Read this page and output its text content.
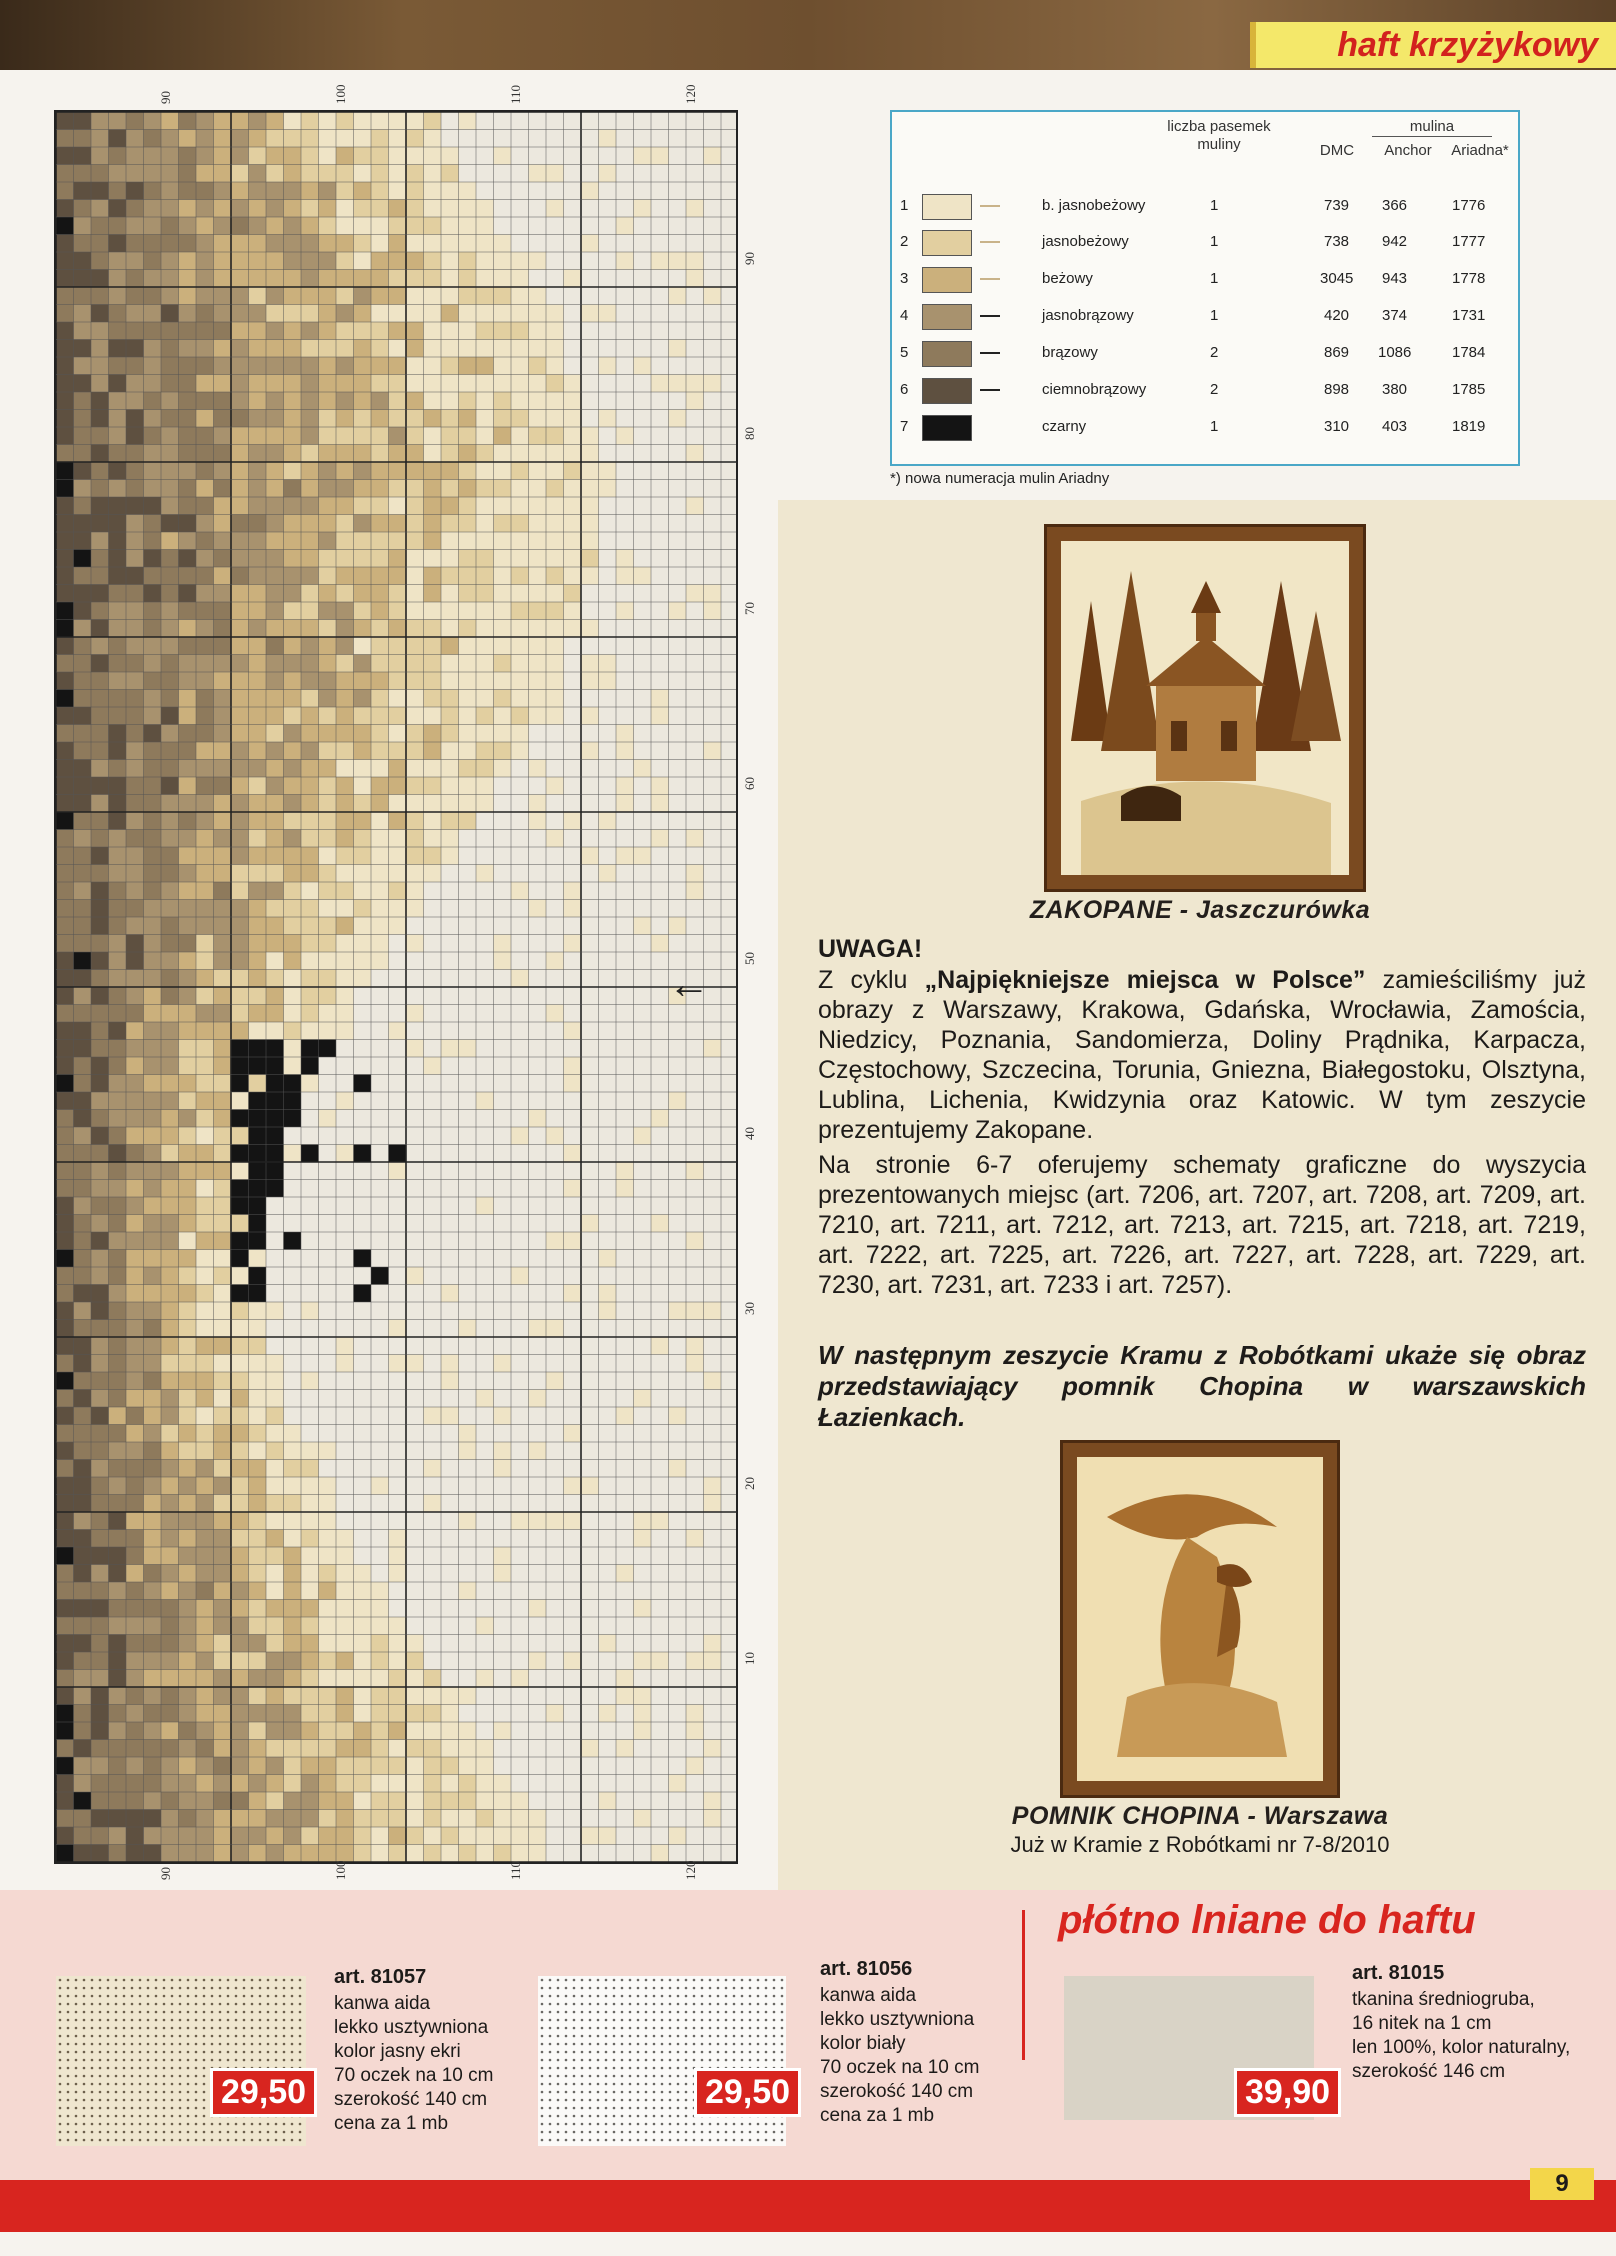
haft krzyżykowy
90	100	110	120
90	100	110	120
90
80
70
60
50
40
30
20
10
←
liczba pasemek muliny
mulina
DMC	Anchor	Ariadna*
1	b. jasnobeżowy	1	739 366	1776
2	jasnobeżowy	1	738 942	1777
3	beżowy	1	3045 943	1778
4	jasnobrązowy	1	420 374	1731
5	brązowy	2	869 1086	1784
6	ciemnobrązowy	2	898 380	1785
7	czarny	1	310 403	1819
*) nowa numeracja mulin Ariadny
ZAKOPANE - Jaszczurówka
UWAGA!
Z cyklu „Najpiękniejsze miejsca w Polsce” zamieściliśmy już obrazy z Warszawy, Krakowa, Gdańska, Wrocławia, Zamościa, Niedzicy, Poznania, Sandomierza, Doliny Prądnika, Karpacza, Częstochowy, Szczecina, Torunia, Gniezna, Białegostoku, Olsztyna, Lublina, Lichenia, Kwidzynia oraz Katowic. W tym zeszycie prezentujemy Zakopane.
Na stronie 6-7 oferujemy schematy graficzne do wyszycia prezentowanych miejsc (art. 7206, art. 7207, art. 7208, art. 7209, art. 7210, art. 7211, art. 7212, art. 7213, art. 7215, art. 7218, art. 7219, art. 7222, art. 7225, art. 7226, art. 7227, art. 7228, art. 7229, art. 7230, art. 7231, art. 7233 i art. 7257).
W następnym zeszycie Kramu z Robótkami ukaże się obraz przedstawiający pomnik Chopina w warszawskich Łazienkach.
POMNIK CHOPINA - Warszawa
Już w Kramie z Robótkami nr 7-8/2010
płótno lniane do haftu
29,50
art. 81057
kanwa aida
lekko usztywniona
kolor jasny ekri
70 oczek na 10 cm
szerokość 140 cm
cena za 1 mb
29,50
art. 81056
kanwa aida
lekko usztywniona
kolor biały
70 oczek na 10 cm
szerokość 140 cm
cena za 1 mb
39,90
art. 81015
tkanina średniogruba,
16 nitek na 1 cm
len 100%, kolor naturalny,
szerokość 146 cm
9
